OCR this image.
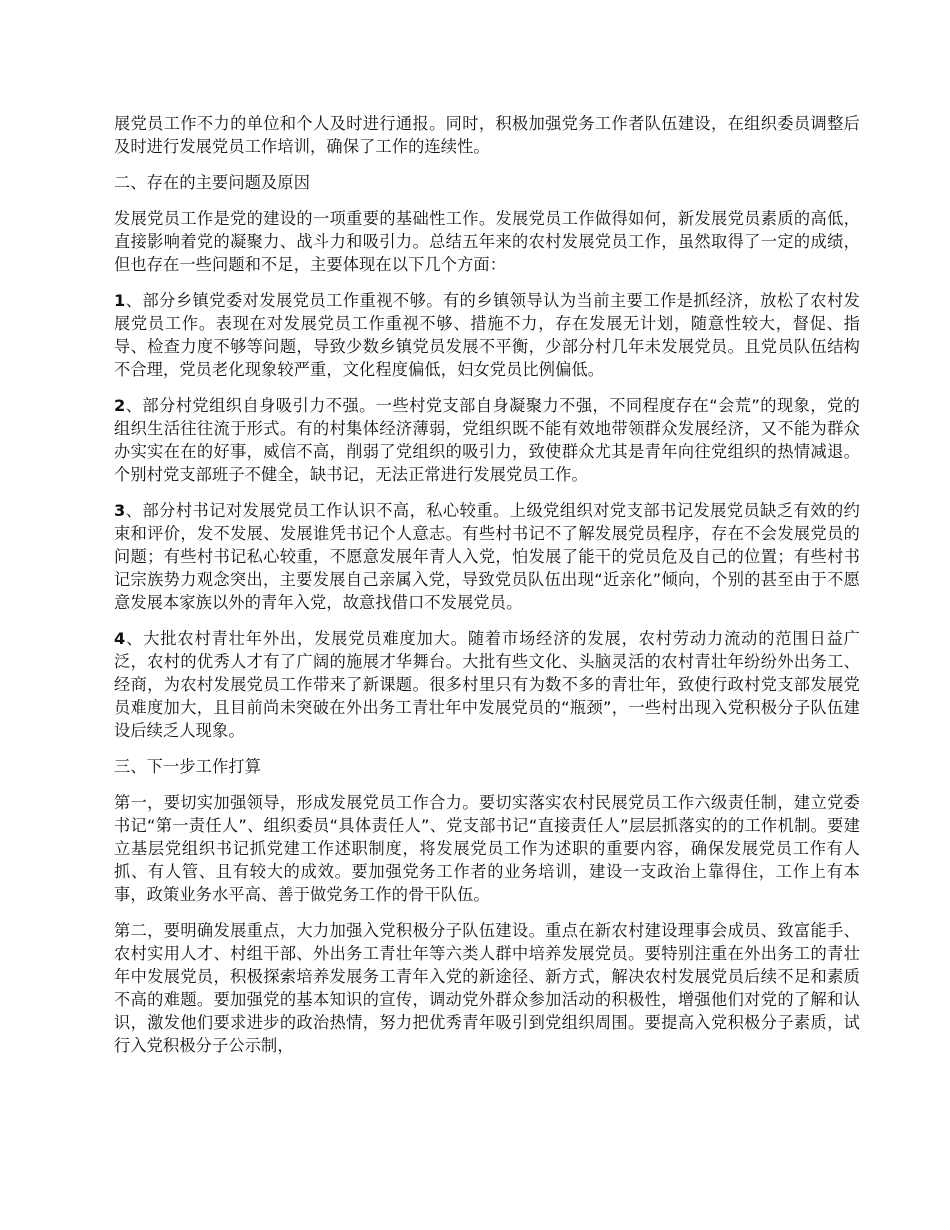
展党员工作不力的单位和个人及时进行通报。同时，积极加强党务工作者队伍建设，在组织委员调整后及时进行发展党员工作培训，确保了工作的连续性。

二、存在的主要问题及原因

发展党员工作是党的建设的一项重要的基础性工作。发展党员工作做得如何，新发展党员素质的高低，直接影响着党的凝聚力、战斗力和吸引力。总结五年来的农村发展党员工作，虽然取得了一定的成绩，但也存在一些问题和不足，主要体现在以下几个方面：

1、部分乡镇党委对发展党员工作重视不够。有的乡镇领导认为当前主要工作是抓经济，放松了农村发展党员工作。表现在对发展党员工作重视不够、措施不力，存在发展无计划，随意性较大，督促、指导、检查力度不够等问题，导致少数乡镇党员发展不平衡，少部分村几年未发展党员。且党员队伍结构不合理，党员老化现象较严重，文化程度偏低，妇女党员比例偏低。

2、部分村党组织自身吸引力不强。一些村党支部自身凝聚力不强，不同程度存在“会荒”的现象，党的组织生活往往流于形式。有的村集体经济薄弱，党组织既不能有效地带领群众发展经济，又不能为群众办实实在在的好事，威信不高，削弱了党组织的吸引力，致使群众尤其是青年向往党组织的热情减退。个别村党支部班子不健全，缺书记，无法正常进行发展党员工作。

3、部分村书记对发展党员工作认识不高，私心较重。上级党组织对党支部书记发展党员缺乏有效的约束和评价，发不发展、发展谁凭书记个人意志。有些村书记不了解发展党员程序，存在不会发展党员的问题；有些村书记私心较重，不愿意发展年青人入党，怕发展了能干的党员危及自己的位置；有些村书记宗族势力观念突出，主要发展自己亲属入党，导致党员队伍出现“近亲化”倾向，个别的甚至由于不愿意发展本家族以外的青年入党，故意找借口不发展党员。

4、大批农村青壮年外出，发展党员难度加大。随着市场经济的发展，农村劳动力流动的范围日益广泛，农村的优秀人才有了广阔的施展才华舞台。大批有些文化、头脑灵活的农村青壮年纷纷外出务工、经商，为农村发展党员工作带来了新课题。很多村里只有为数不多的青壮年，致使行政村党支部发展党员难度加大，且目前尚未突破在外出务工青壮年中发展党员的“瓶颈”，一些村出现入党积极分子队伍建设后续乏人现象。

三、下一步工作打算

第一，要切实加强领导，形成发展党员工作合力。要切实落实农村民展党员工作六级责任制，建立党委书记“第一责任人”、组织委员“具体责任人”、党支部书记“直接责任人”层层抓落实的的工作机制。要建立基层党组织书记抓党建工作述职制度，将发展党员工作为述职的重要内容，确保发展党员工作有人抓、有人管、且有较大的成效。要加强党务工作者的业务培训，建设一支政治上靠得住，工作上有本事，政策业务水平高、善于做党务工作的骨干队伍。

第二，要明确发展重点，大力加强入党积极分子队伍建设。重点在新农村建设理事会成员、致富能手、农村实用人才、村组干部、外出务工青壮年等六类人群中培养发展党员。要特别注重在外出务工的青壮年中发展党员，积极探索培养发展务工青年入党的新途径、新方式，解决农村发展党员后续不足和素质不高的难题。要加强党的基本知识的宣传，调动党外群众参加活动的积极性，增强他们对党的了解和认识，激发他们要求进步的政治热情，努力把优秀青年吸引到党组织周围。要提高入党积极分子素质，试行入党积极分子公示制，
